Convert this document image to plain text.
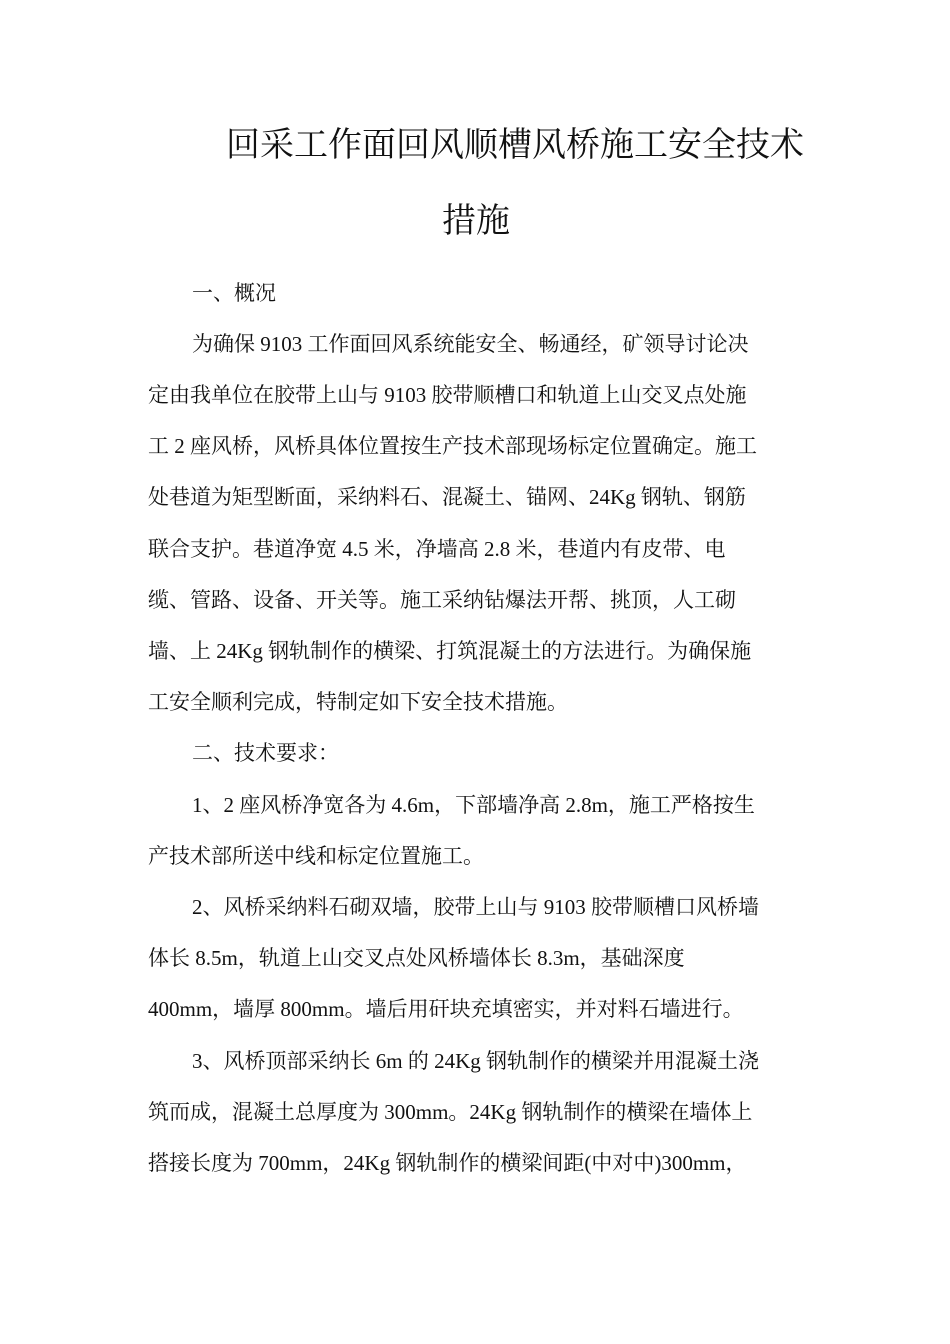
回采工作面回风顺槽风桥施工安全技术
措施
一、概况
为确保 9103 工作面回风系统能安全、畅通经，矿领导讨论决
定由我单位在胶带上山与 9103 胶带顺槽口和轨道上山交叉点处施
工 2 座风桥，风桥具体位置按生产技术部现场标定位置确定。施工
处巷道为矩型断面，采纳料石、混凝土、锚网、24Kg 钢轨、钢筋
联合支护。巷道净宽 4.5 米，净墙高 2.8 米，巷道内有皮带、电
缆、管路、设备、开关等。施工采纳钻爆法开帮、挑顶，人工砌
墙、上 24Kg 钢轨制作的横梁、打筑混凝土的方法进行。为确保施
工安全顺利完成，特制定如下安全技术措施。
二、技术要求：
1、2 座风桥净宽各为 4.6m，下部墙净高 2.8m，施工严格按生
产技术部所送中线和标定位置施工。
2、风桥采纳料石砌双墙，胶带上山与 9103 胶带顺槽口风桥墙
体长 8.5m，轨道上山交叉点处风桥墙体长 8.3m，基础深度
400mm，墙厚 800mm。墙后用矸块充填密实，并对料石墙进行。
3、风桥顶部采纳长 6m 的 24Kg 钢轨制作的横梁并用混凝土浇
筑而成，混凝土总厚度为 300mm。24Kg 钢轨制作的横梁在墙体上
搭接长度为 700mm，24Kg 钢轨制作的横梁间距(中对中)300mm，
